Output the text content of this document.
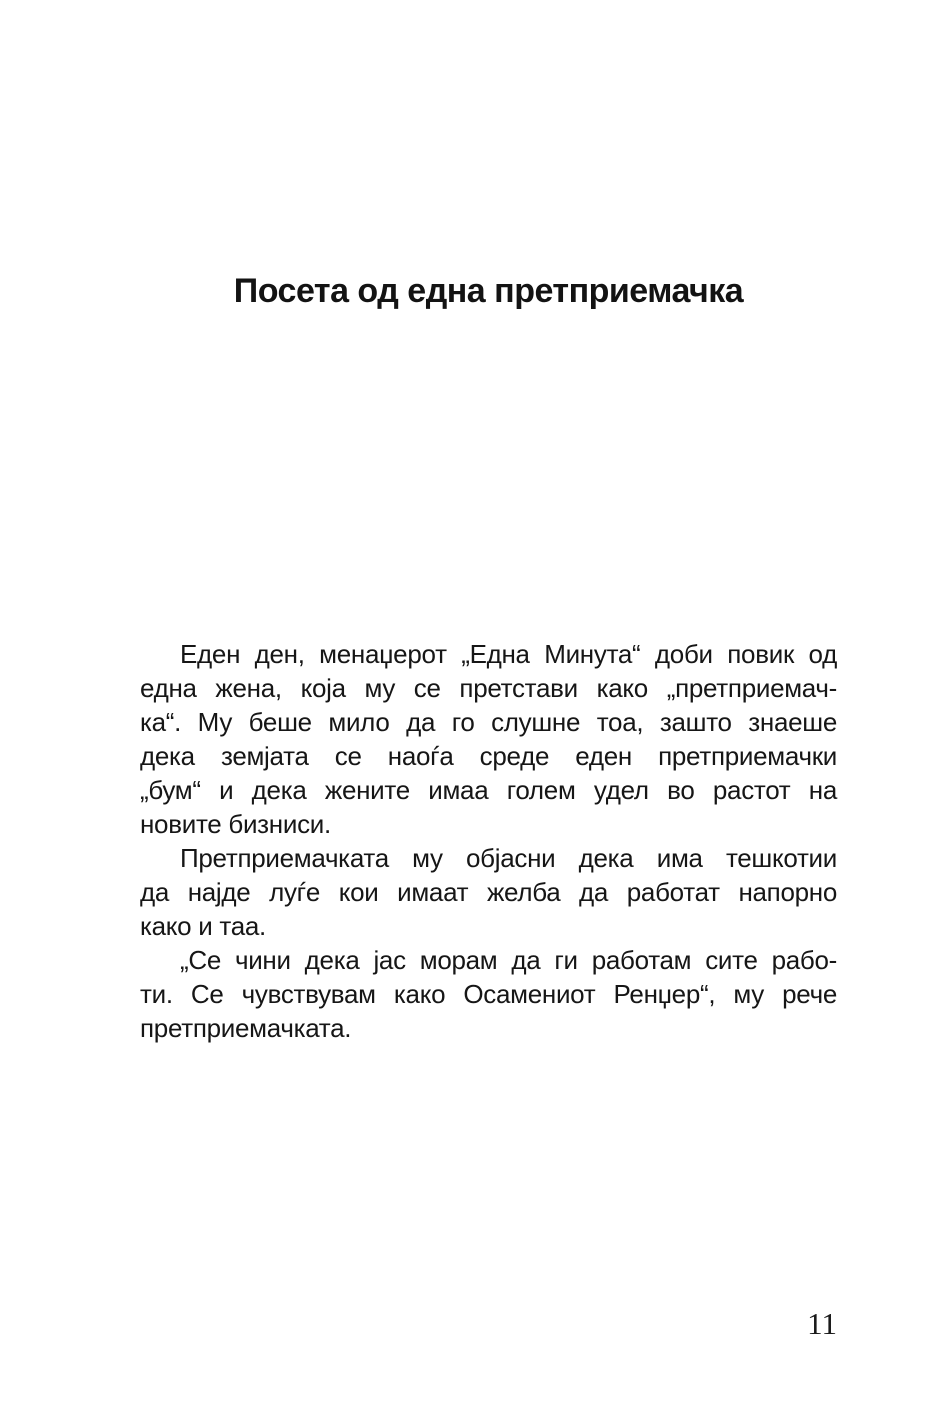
Посета од една претприемачка

Еден ден, менаџерот „Една Минута“ доби повик од
една жена, која му се претстави како „претприемач-
ка“. Му беше мило да го слушне тоа, зашто знаеше
дека земјата се наоѓа среде еден претприемачки
„бум“ и дека жените имаа голем удел во растот на
новите бизниси.

Претприемачката му објасни дека има тешкотии
да најде луѓе кои имаат желба да работат напорно
како и таа.

„Се чини дека јас морам да ги работам сите рабо-
ти. Се чувствувам како Осамениот Ренџер“, му рече
претприемачката.

11
